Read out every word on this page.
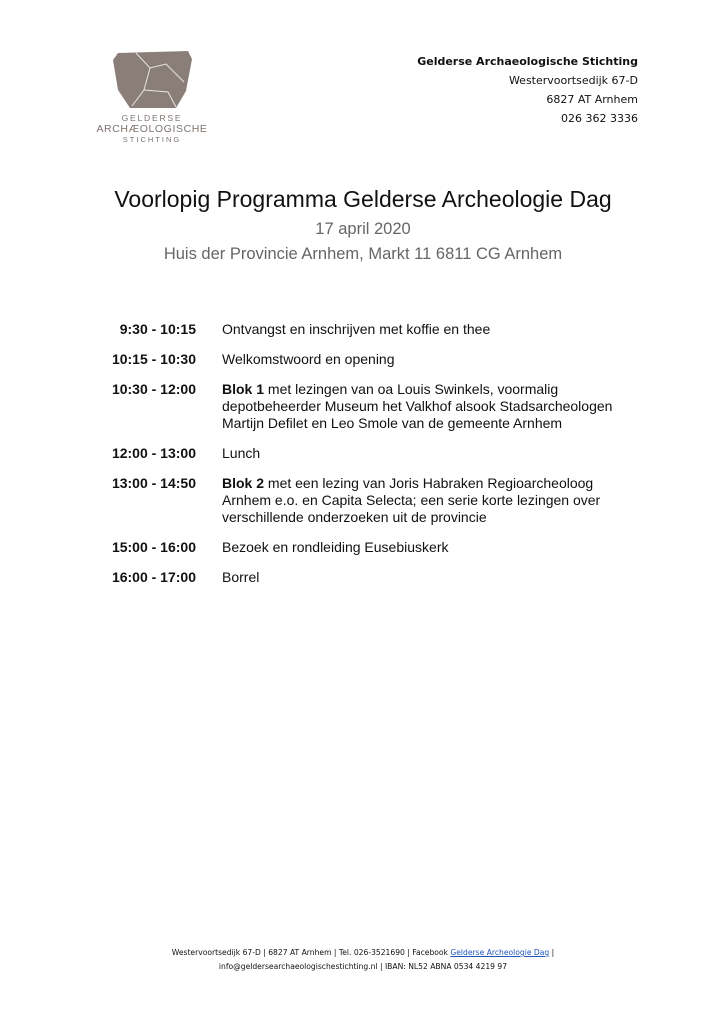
GELDERSE
ARCHÆOLOGISCHE
STICHTING
Gelderse Archaeologische Stichting
Westervoortsedijk 67-D
6827 AT Arnhem
026 362 3336
Voorlopig Programma Gelderse Archeologie Dag
17 april 2020
Huis der Provincie Arnhem, Markt 11 6811 CG Arnhem
9:30 - 10:15 Ontvangst en inschrijven met koffie en thee
10:15 - 10:30 Welkomstwoord en opening
10:30 - 12:00 Blok 1 met lezingen van oa Louis Swinkels, voormalig depotbeheerder Museum het Valkhof alsook Stadsarcheologen Martijn Defilet en Leo Smole van de gemeente Arnhem
12:00 - 13:00 Lunch
13:00 - 14:50 Blok 2 met een lezing van Joris Habraken Regioarcheoloog Arnhem e.o. en Capita Selecta; een serie korte lezingen over verschillende onderzoeken uit de provincie
15:00 - 16:00 Bezoek en rondleiding Eusebiuskerk
16:00 - 17:00 Borrel
Westervoortsedijk 67-D | 6827 AT Arnhem | Tel. 026-3521690 | Facebook Gelderse Archeologie Dag |
info@geldersearchaeologischestichting.nl | IBAN: NL52 ABNA 0534 4219 97
